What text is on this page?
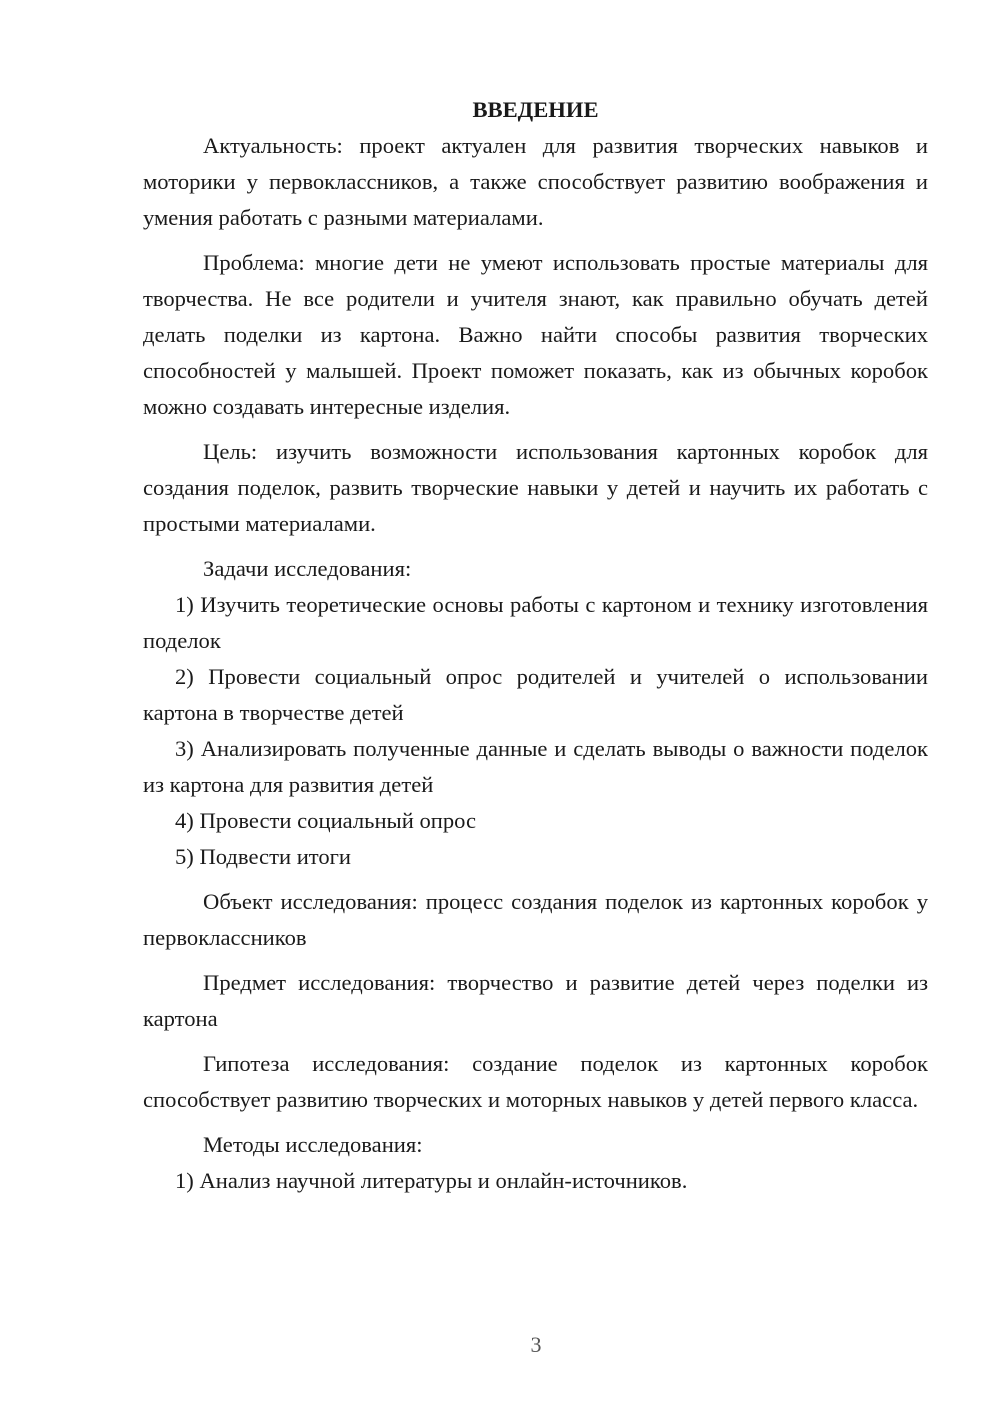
ВВЕДЕНИЕ

Актуальность: проект актуален для развития творческих навыков и моторики у первоклассников, а также способствует развитию воображения и умения работать с разными материалами.

Проблема: многие дети не умеют использовать простые материалы для творчества. Не все родители и учителя знают, как правильно обучать детей делать поделки из картона. Важно найти способы развития творческих способностей у малышей. Проект поможет показать, как из обычных коробок можно создавать интересные изделия.

Цель: изучить возможности использования картонных коробок для создания поделок, развить творческие навыки у детей и научить их работать с простыми материалами.

Задачи исследования:

1) Изучить теоретические основы работы с картоном и технику изготовления поделок

2) Провести социальный опрос родителей и учителей о использовании картона в творчестве детей

3) Анализировать полученные данные и сделать выводы о важности поделок из картона для развития детей

4) Провести социальный опрос

5) Подвести итоги

Объект исследования: процесс создания поделок из картонных коробок у первоклассников

Предмет исследования: творчество и развитие детей через поделки из картона

Гипотеза исследования: создание поделок из картонных коробок способствует развитию творческих и моторных навыков у детей первого класса.

Методы исследования:

1) Анализ научной литературы и онлайн-источников.

3
